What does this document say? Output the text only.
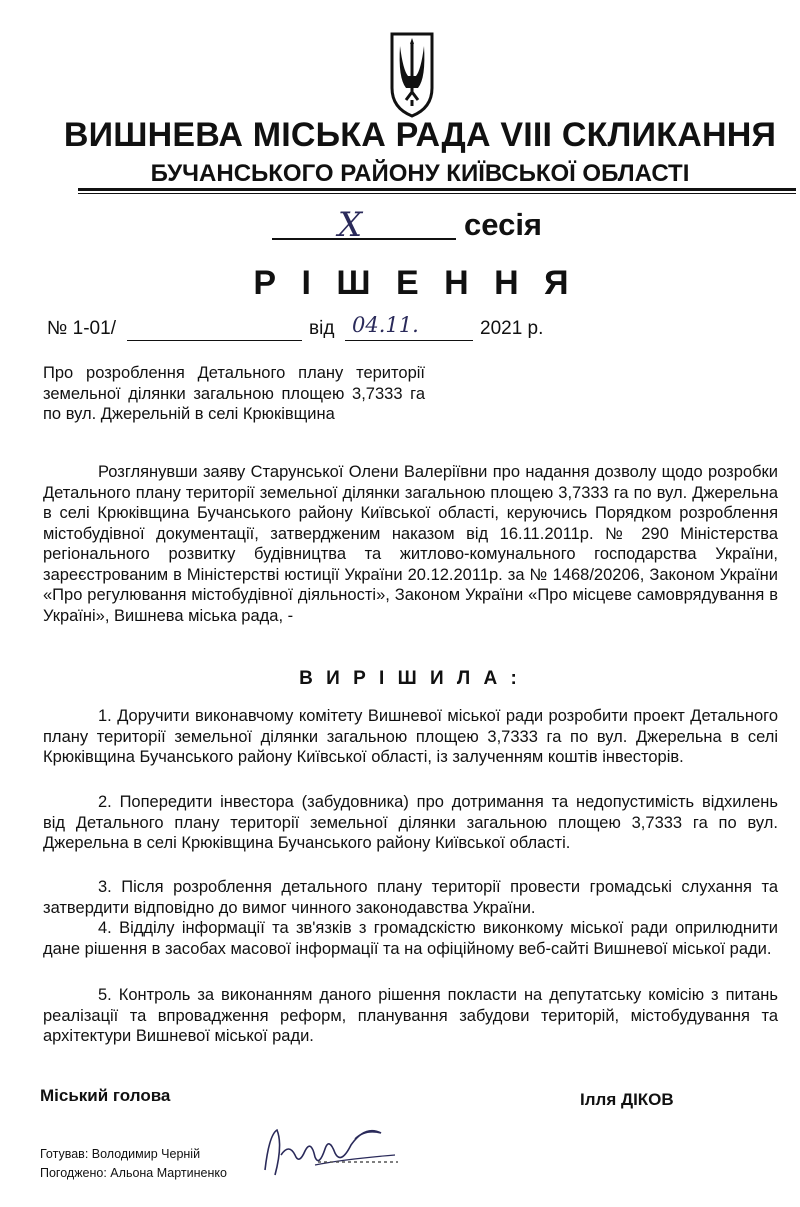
ВИШНЕВА МІСЬКА РАДА VIII СКЛИКАННЯ
БУЧАНСЬКОГО РАЙОНУ КИЇВСЬКОЇ ОБЛАСТІ
X	сесія
Р І Ш Е Н Н Я
№ 1-01/	від 04.11.	2021 р.
Про розроблення Детального плану території земельної ділянки загальною площею 3,7333 га по вул. Джерельній в селі Крюківщина
Розглянувши заяву Старунської Олени Валеріївни про надання дозволу щодо розробки Детального плану території земельної ділянки загальною площею 3,7333 га по вул. Джерельна в селі Крюківщина Бучанського району Київської області, керуючись Порядком розроблення містобудівної документації, затвердженим наказом від 16.11.2011р. № 290 Міністерства регіонального розвитку будівництва та житлово-комунального господарства України, зареєстрованим в Міністерстві юстиції України 20.12.2011р. за № 1468/20206, Законом України «Про регулювання містобудівної діяльності», Законом України «Про місцеве самоврядування в Україні», Вишнева міська рада, -
В И Р І Ш И Л А :
1. Доручити виконавчому комітету Вишневої міської ради розробити проект Детального плану території земельної ділянки загальною площею 3,7333 га по вул. Джерельна в селі Крюківщина Бучанського району Київської області, із залученням коштів інвесторів.
2. Попередити інвестора (забудовника) про дотримання та недопустимість відхилень від Детального плану території земельної ділянки загальною площею 3,7333 га по вул. Джерельна в селі Крюківщина Бучанського району Київської області.
3. Після розроблення детального плану території провести громадські слухання та затвердити відповідно до вимог чинного законодавства України.
4. Відділу інформації та зв'язків з громадскістю виконкому міської ради оприлюднити дане рішення в засобах масової інформації та на офіційному веб-сайті Вишневої міської ради.
5. Контроль за виконанням даного рішення покласти на депутатську комісію з питань реалізації та впровадження реформ, планування забудови територій, містобудування та архітектури Вишневої міської ради.
Міський голова	Ілля ДІКОВ
Готував: Володимир Черній
Погоджено: Альона Мартиненко
